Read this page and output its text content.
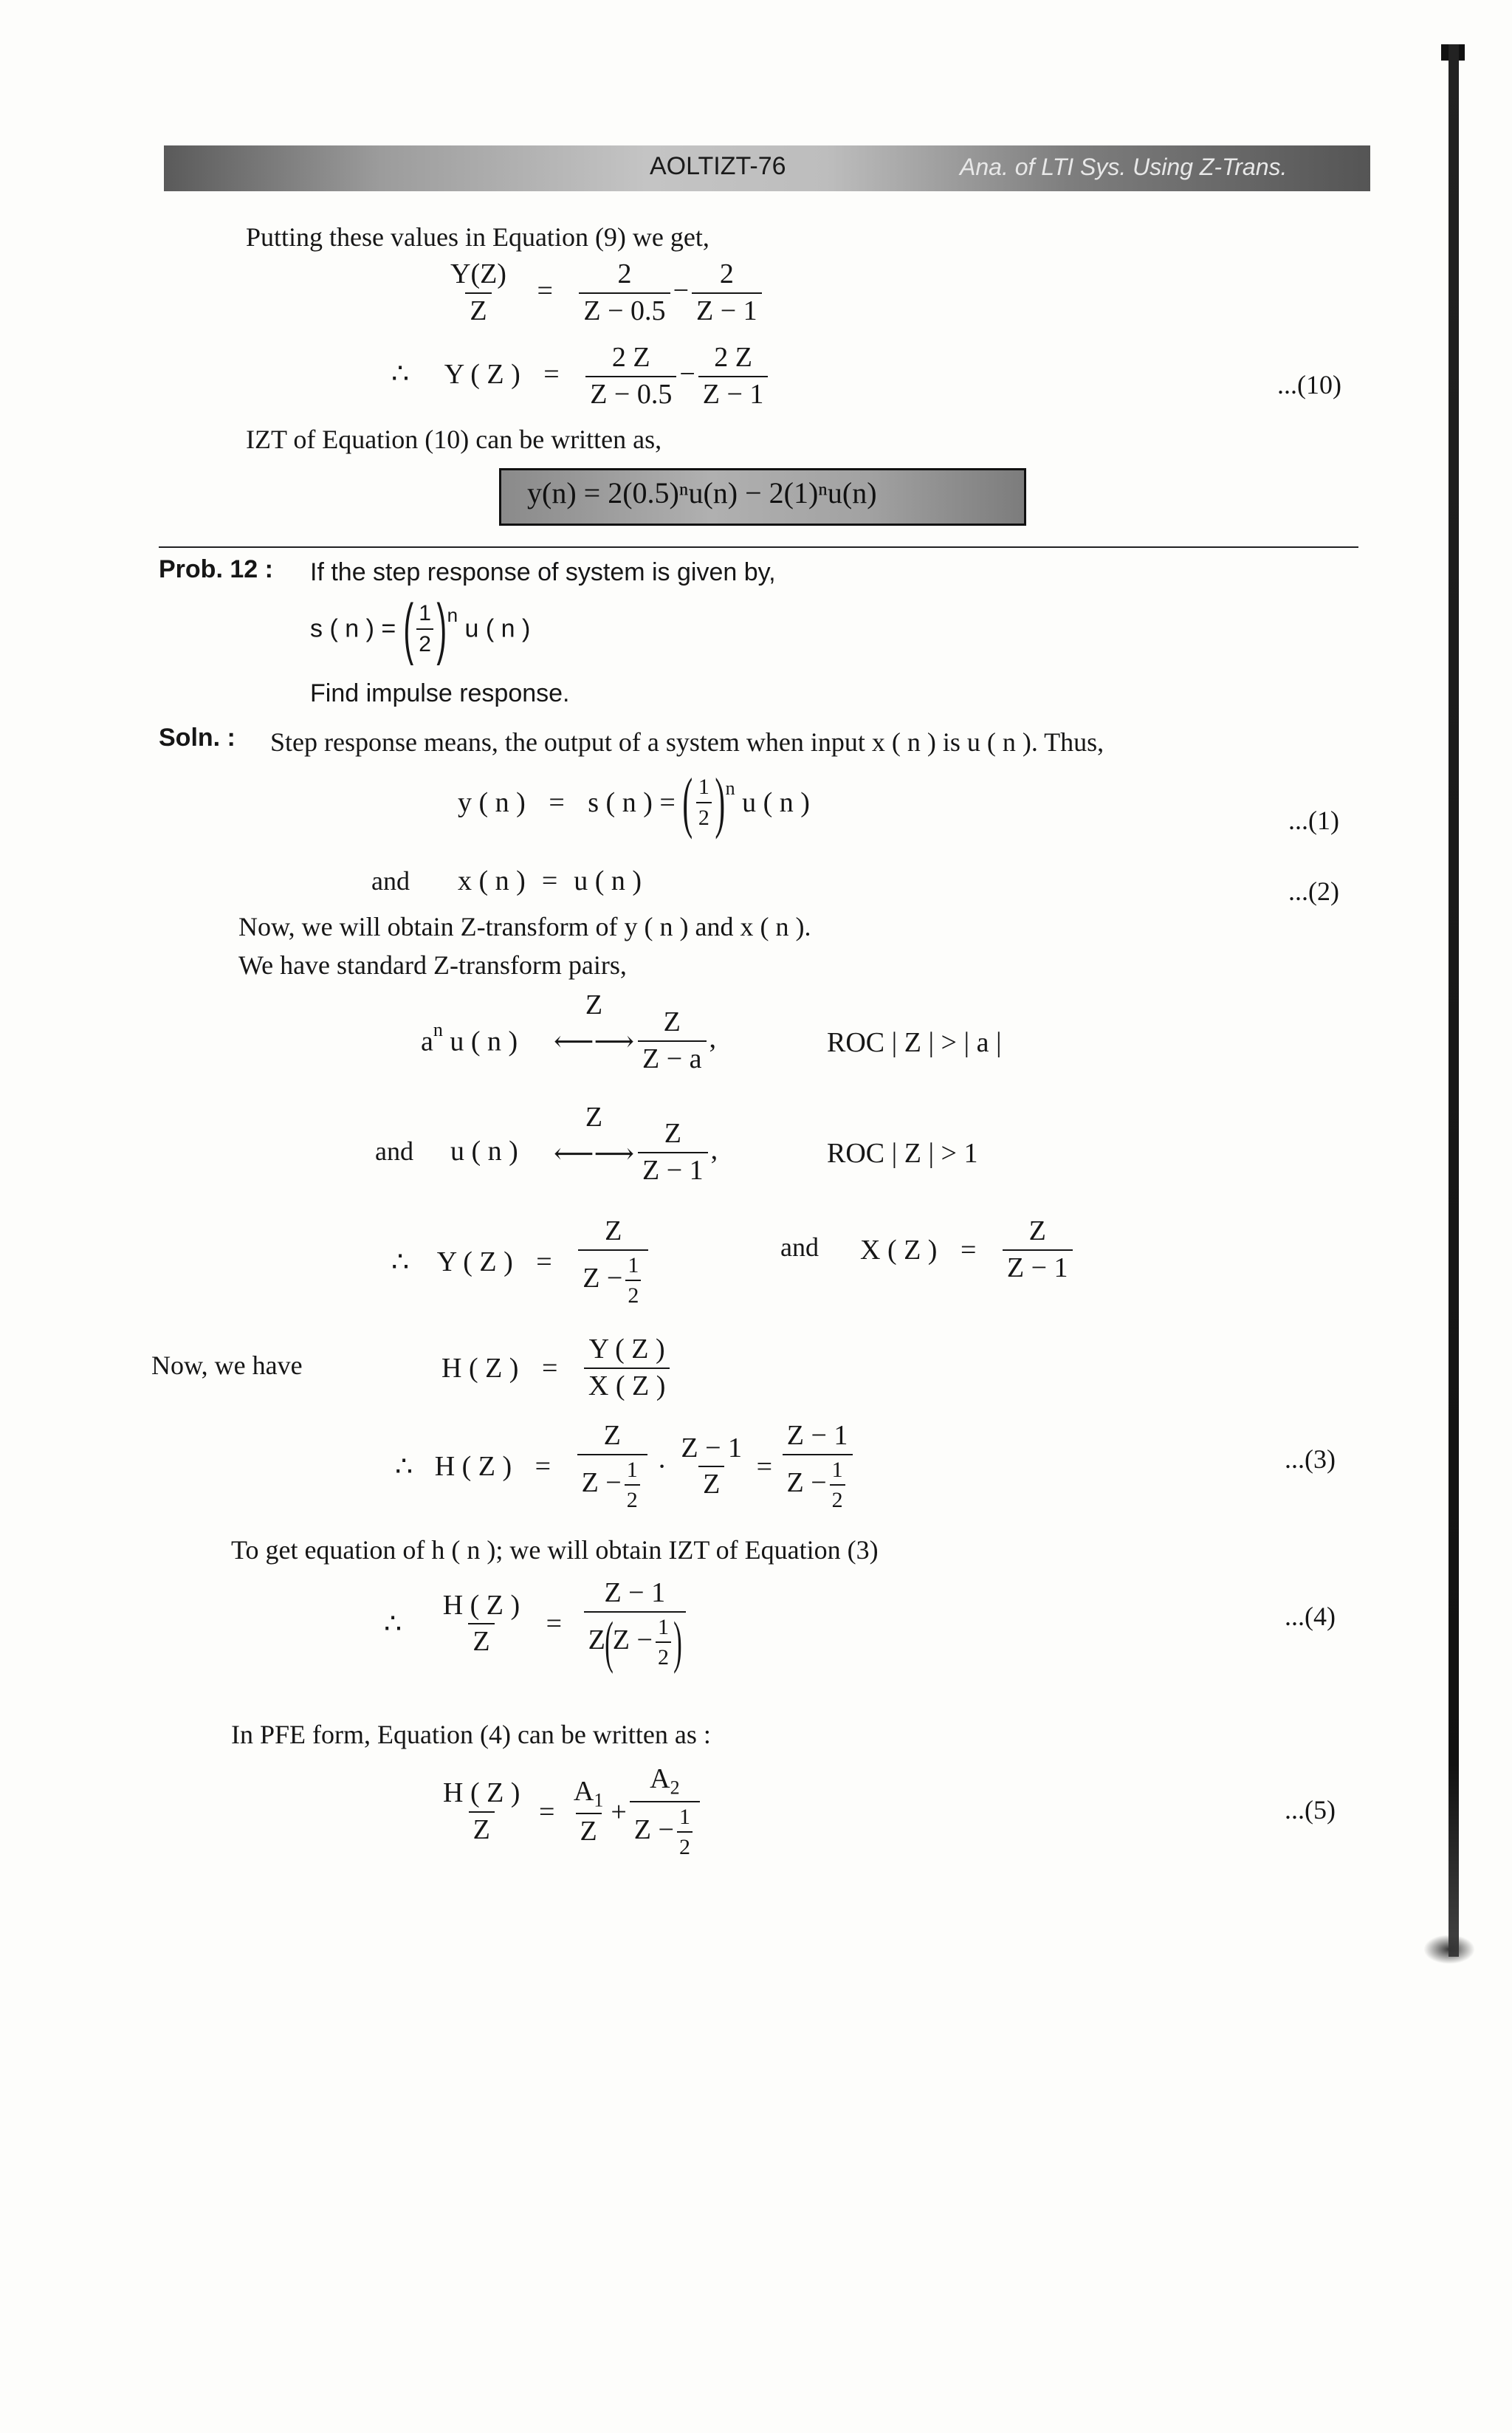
AOLTIZT-76	Ana. of LTI Sys. Using Z-Trans.
Putting these values in Equation (9) we get,
$\frac{Y(Z)}{Z} = \frac{2}{Z - 0.5} - \frac{2}{Z - 1}$
∴ Y ( Z ) = $\frac{2 Z}{Z - 0.5} - \frac{2 Z}{Z - 1}$	...(10)
IZT of Equation (10) can be written as,
y(n) = 2(0.5)ⁿu(n) − 2(1)ⁿu(n)
Prob. 12 : If the step response of system is given by,
s ( n ) = ( $\frac{1}{2} )^n$ u ( n )
Find impulse response.
Soln. : Step response means, the output of a system when input x ( n ) is u ( n ). Thus,
y ( n ) = s ( n ) = ( $\frac{1}{2} )^n$ u ( n )
...(1)
and x ( n ) = u ( n )	...(2)
Now, we will obtain Z-transform of y ( n ) and x ( n ).
We have standard Z-transform pairs,
$a^n$ u ( n )
Z
⟵⟶ $\frac{Z}{Z - a}$ ,	ROC | Z | > | a |
and u ( n )
Z
⟵⟶ $\frac{Z}{Z - 1}$ ,	ROC | Z | > 1
∴ Y ( Z ) = $\frac{Z}{Z - \frac{1}{2}}$	and X ( Z ) = $\frac{Z}{Z - 1}$
Now, we have	H ( Z ) = $\frac{Y ( Z )}{X ( Z )}$
∴ H ( Z ) = $\frac{Z}{Z - \frac{1}{2}} \cdot \frac{Z - 1}{Z} = \frac{Z - 1}{Z - \frac{1}{2}}$	...(3)
To get equation of h ( n ); we will obtain IZT of Equation (3)
∴ $\frac{H ( Z )}{Z} = \frac{Z - 1}{Z(Z - \frac{1}{2} )}$	...(4)
In PFE form, Equation (4) can be written as :
$\frac{H ( Z )}{Z} = \frac{A_1}{Z} + \frac{A_2}{Z - \frac{1}{2}}$	...(5)
